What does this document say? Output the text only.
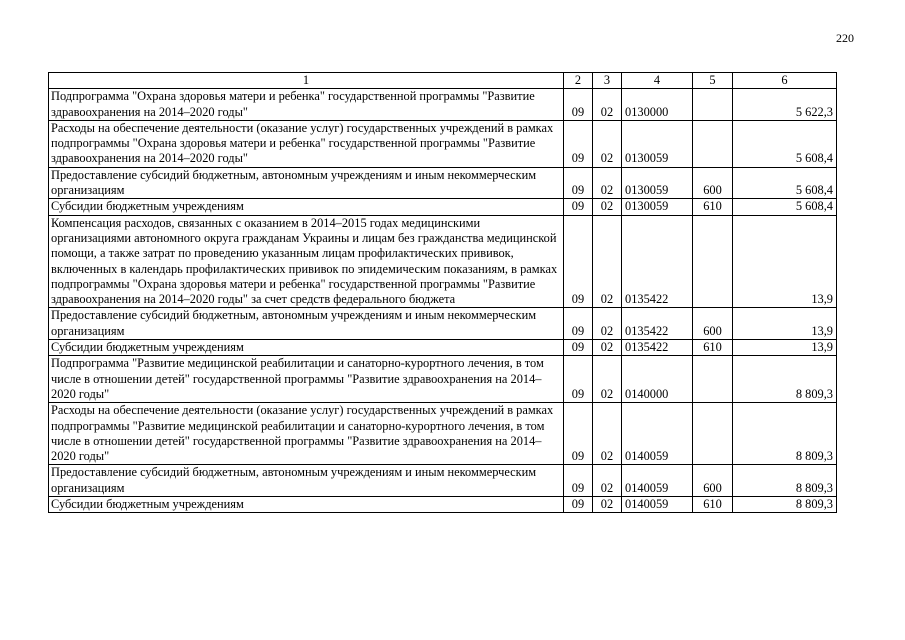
220
1	2	3	4	5	6
Подпрограмма "Охрана здоровья матери и ребенка" государственной программы "Развитие здравоохранения на 2014–2020 годы"	09	02	0130000		5 622,3
Расходы на обеспечение деятельности (оказание услуг) государственных учреждений в рамках подпрограммы "Охрана здоровья матери и ребенка" государственной программы "Развитие здравоохранения на 2014–2020 годы"	09	02	0130059		5 608,4
Предоставление субсидий бюджетным, автономным учреждениям и иным некоммерческим организациям	09	02	0130059	600	5 608,4
Субсидии бюджетным учреждениям	09	02	0130059	610	5 608,4
Компенсация расходов, связанных с оказанием в 2014–2015 годах медицинскими организациями автономного округа гражданам Украины и лицам без гражданства медицинской помощи, а также затрат по проведению указанным лицам профилактических прививок, включенных в календарь профилактических прививок по эпидемическим показаниям, в рамках подпрограммы "Охрана здоровья матери и ребенка" государственной программы "Развитие здравоохранения на 2014–2020 годы" за счет средств федерального бюджета	09	02	0135422		13,9
Предоставление субсидий бюджетным, автономным учреждениям и иным некоммерческим организациям	09	02	0135422	600	13,9
Субсидии бюджетным учреждениям	09	02	0135422	610	13,9
Подпрограмма "Развитие медицинской реабилитации и санаторно-курортного лечения, в том числе в отношении детей" государственной программы "Развитие здравоохранения на 2014–2020 годы"	09	02	0140000		8 809,3
Расходы на обеспечение деятельности (оказание услуг) государственных учреждений в рамках подпрограммы "Развитие медицинской реабилитации и санаторно-курортного лечения, в том числе в отношении детей" государственной программы "Развитие здравоохранения на 2014–2020 годы"	09	02	0140059		8 809,3
Предоставление субсидий бюджетным, автономным учреждениям и иным некоммерческим организациям	09	02	0140059	600	8 809,3
Субсидии бюджетным учреждениям	09	02	0140059	610	8 809,3
